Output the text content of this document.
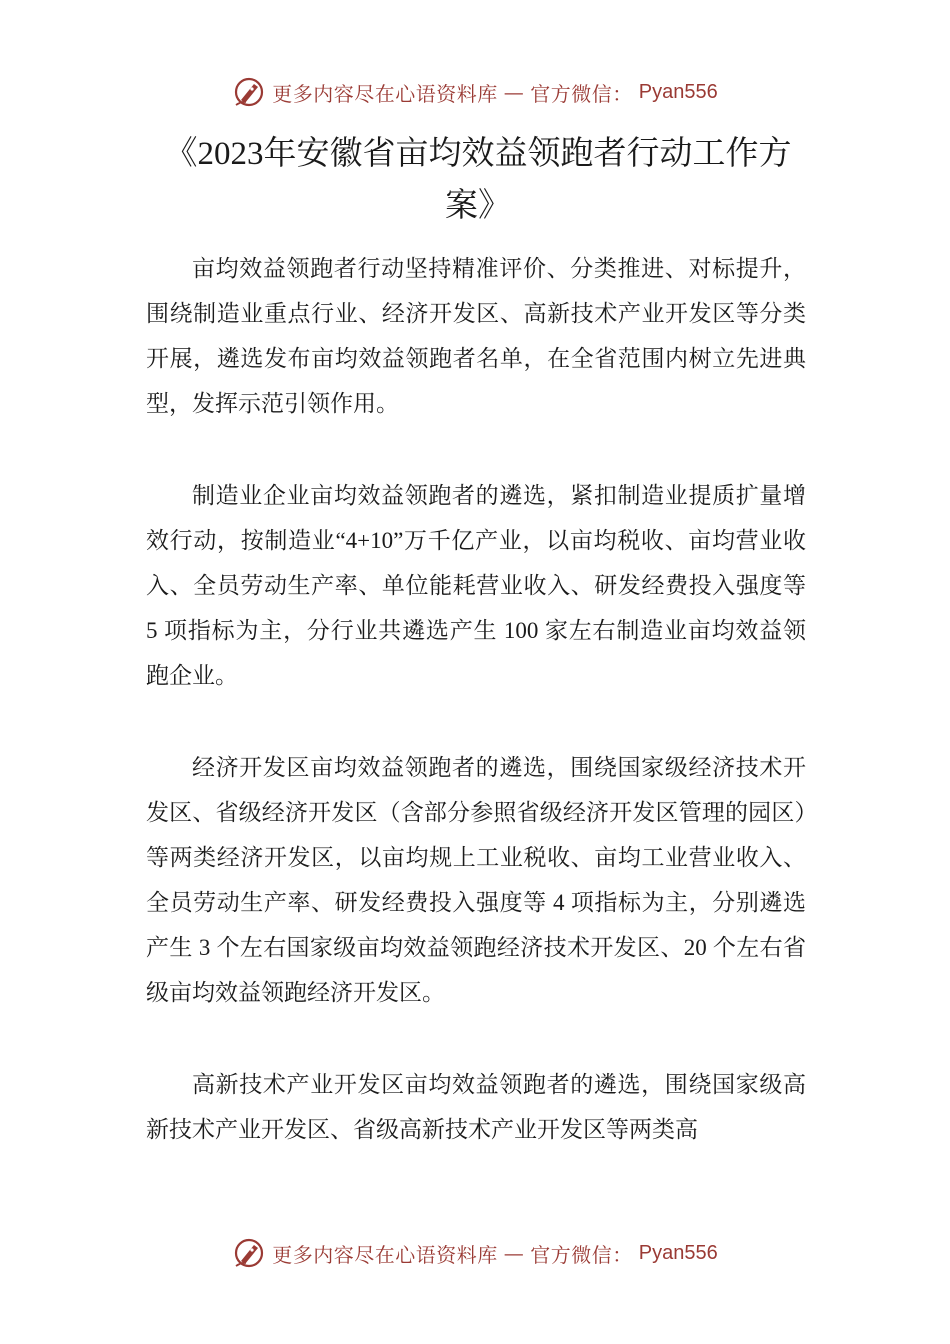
更多内容尽在心语资料库 — 官方微信： Pyan556
《2023年安徽省亩均效益领跑者行动工作方案》

亩均效益领跑者行动坚持精准评价、分类推进、对标提升，围绕制造业重点行业、经济开发区、高新技术产业开发区等分类开展，遴选发布亩均效益领跑者名单，在全省范围内树立先进典型，发挥示范引领作用。

制造业企业亩均效益领跑者的遴选，紧扣制造业提质扩量增效行动，按制造业“4+10”万千亿产业，以亩均税收、亩均营业收入、全员劳动生产率、单位能耗营业收入、研发经费投入强度等 5 项指标为主，分行业共遴选产生 100 家左右制造业亩均效益领跑企业。

经济开发区亩均效益领跑者的遴选，围绕国家级经济技术开发区、省级经济开发区（含部分参照省级经济开发区管理的园区）等两类经济开发区，以亩均规上工业税收、亩均工业营业收入、全员劳动生产率、研发经费投入强度等 4 项指标为主，分别遴选产生 3 个左右国家级亩均效益领跑经济技术开发区、20 个左右省级亩均效益领跑经济开发区。

高新技术产业开发区亩均效益领跑者的遴选，围绕国家级高新技术产业开发区、省级高新技术产业开发区等两类高

更多内容尽在心语资料库 — 官方微信： Pyan556
